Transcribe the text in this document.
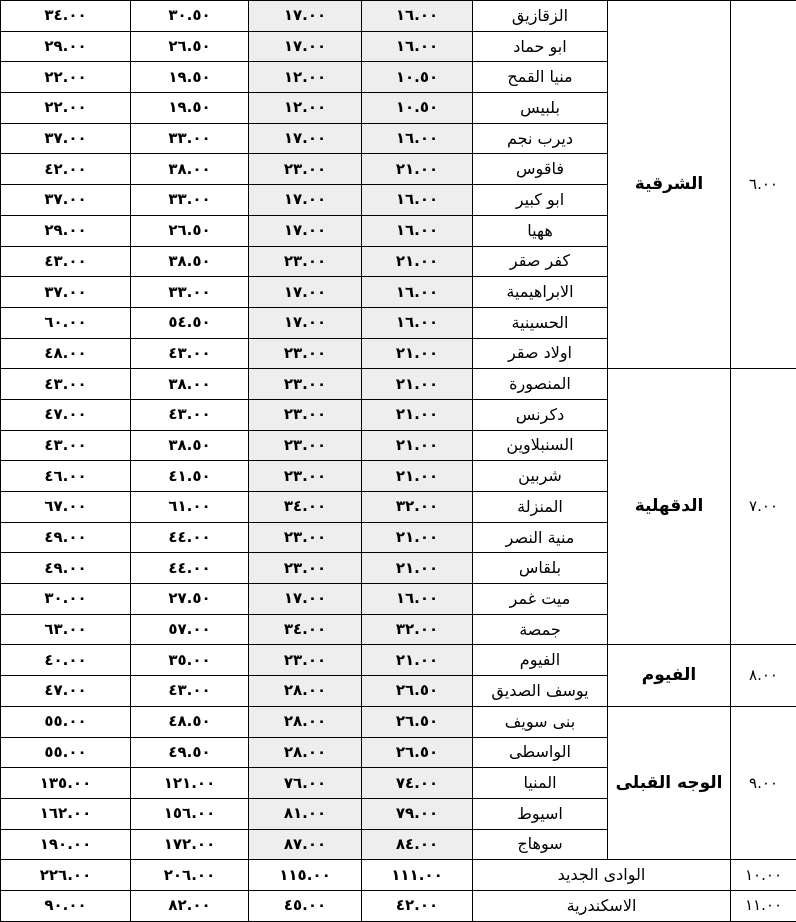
٣٤.٠٠	٣٠.٥٠	١٧.٠٠	١٦.٠٠	الزقازيق	الشرقية	٦.٠٠
٢٩.٠٠	٢٦.٥٠	١٧.٠٠	١٦.٠٠	ابو حماد		
٢٢.٠٠	١٩.٥٠	١٢.٠٠	١٠.٥٠	منيا القمح		
٢٢.٠٠	١٩.٥٠	١٢.٠٠	١٠.٥٠	بلبيس		
٣٧.٠٠	٣٣.٠٠	١٧.٠٠	١٦.٠٠	ديرب نجم		
٤٢.٠٠	٣٨.٠٠	٢٣.٠٠	٢١.٠٠	فاقوس		
٣٧.٠٠	٣٣.٠٠	١٧.٠٠	١٦.٠٠	ابو كبير		
٢٩.٠٠	٢٦.٥٠	١٧.٠٠	١٦.٠٠	ههيا		
٤٣.٠٠	٣٨.٥٠	٢٣.٠٠	٢١.٠٠	كفر صقر		
٣٧.٠٠	٣٣.٠٠	١٧.٠٠	١٦.٠٠	الابراهيمية		
٦٠.٠٠	٥٤.٥٠	١٧.٠٠	١٦.٠٠	الحسينية		
٤٨.٠٠	٤٣.٠٠	٢٣.٠٠	٢١.٠٠	اولاد صقر		
٤٣.٠٠	٣٨.٠٠	٢٣.٠٠	٢١.٠٠	المنصورة	الدقهلية	٧.٠٠
٤٧.٠٠	٤٣.٠٠	٢٣.٠٠	٢١.٠٠	دكرنس		
٤٣.٠٠	٣٨.٥٠	٢٣.٠٠	٢١.٠٠	السنبلاوين		
٤٦.٠٠	٤١.٥٠	٢٣.٠٠	٢١.٠٠	شربين		
٦٧.٠٠	٦١.٠٠	٣٤.٠٠	٣٢.٠٠	المنزلة		
٤٩.٠٠	٤٤.٠٠	٢٣.٠٠	٢١.٠٠	منية النصر		
٤٩.٠٠	٤٤.٠٠	٢٣.٠٠	٢١.٠٠	بلقاس		
٣٠.٠٠	٢٧.٥٠	١٧.٠٠	١٦.٠٠	ميت غمر		
٦٣.٠٠	٥٧.٠٠	٣٤.٠٠	٣٢.٠٠	جمصة		
٤٠.٠٠	٣٥.٠٠	٢٣.٠٠	٢١.٠٠	الفيوم	الفيوم	٨.٠٠
٤٧.٠٠	٤٣.٠٠	٢٨.٠٠	٢٦.٥٠	يوسف الصديق		
٥٥.٠٠	٤٨.٥٠	٢٨.٠٠	٢٦.٥٠	بنى سويف	الوجه القبلى	٩.٠٠
٥٥.٠٠	٤٩.٥٠	٢٨.٠٠	٢٦.٥٠	الواسطى		
١٣٥.٠٠	١٢١.٠٠	٧٦.٠٠	٧٤.٠٠	المنيا		
١٦٢.٠٠	١٥٦.٠٠	٨١.٠٠	٧٩.٠٠	اسيوط		
١٩٠.٠٠	١٧٢.٠٠	٨٧.٠٠	٨٤.٠٠	سوهاج		
٢٢٦.٠٠	٢٠٦.٠٠	١١٥.٠٠	١١١.٠٠	الوادى الجديد		١٠.٠٠
٩٠.٠٠	٨٢.٠٠	٤٥.٠٠	٤٢.٠٠	الاسكندرية		١١.٠٠
